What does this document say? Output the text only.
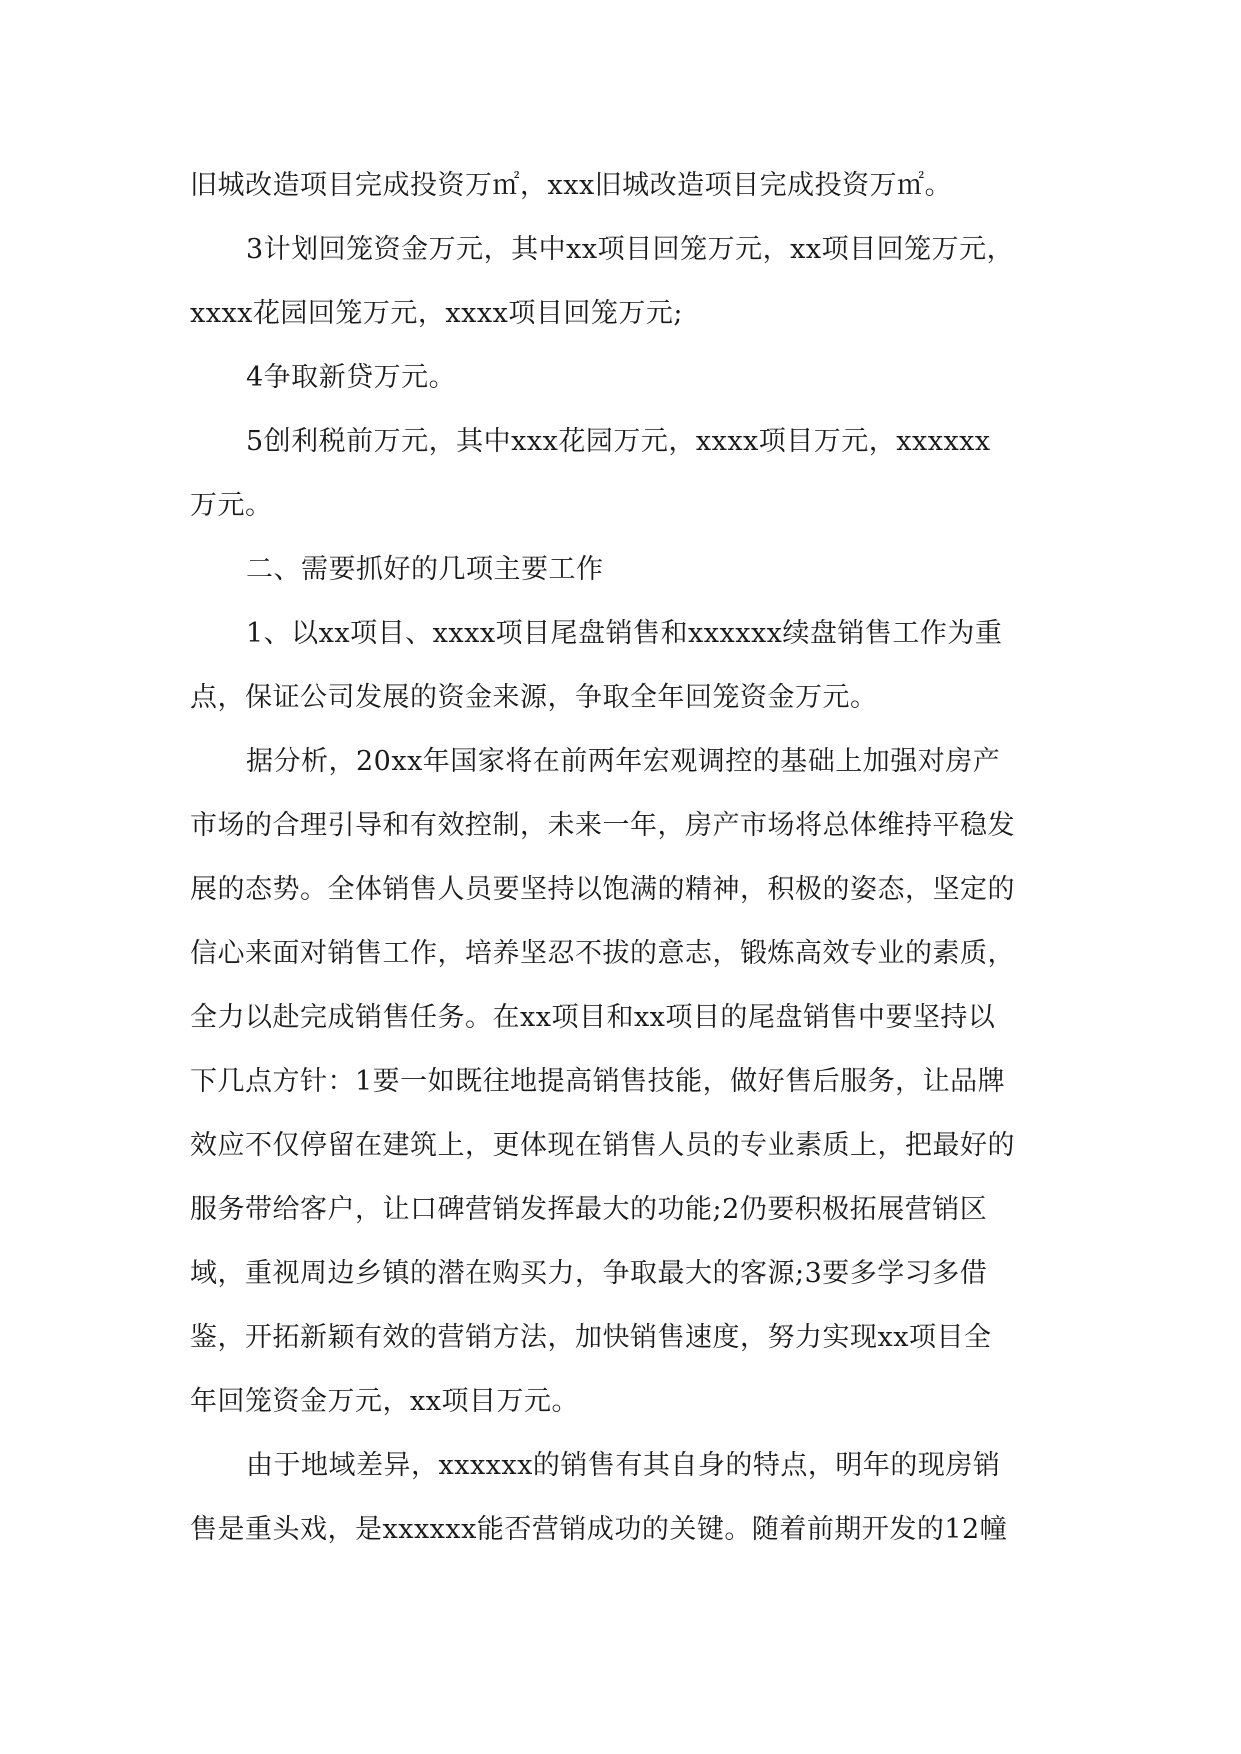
旧城改造项目完成投资万㎡，xxx旧城改造项目完成投资万㎡。
3计划回笼资金万元，其中xx项目回笼万元，xx项目回笼万元，
xxxx花园回笼万元，xxxx项目回笼万元;
4争取新贷万元。
5创利税前万元，其中xxx花园万元，xxxx项目万元，xxxxxx
万元。
二、需要抓好的几项主要工作
1、以xx项目、xxxx项目尾盘销售和xxxxxx续盘销售工作为重
点，保证公司发展的资金来源，争取全年回笼资金万元。
据分析，20xx年国家将在前两年宏观调控的基础上加强对房产
市场的合理引导和有效控制，未来一年，房产市场将总体维持平稳发
展的态势。全体销售人员要坚持以饱满的精神，积极的姿态，坚定的
信心来面对销售工作，培养坚忍不拔的意志，锻炼高效专业的素质，
全力以赴完成销售任务。在xx项目和xx项目的尾盘销售中要坚持以
下几点方针：1要一如既往地提高销售技能，做好售后服务，让品牌
效应不仅停留在建筑上，更体现在销售人员的专业素质上，把最好的
服务带给客户，让口碑营销发挥最大的功能;2仍要积极拓展营销区
域，重视周边乡镇的潜在购买力，争取最大的客源;3要多学习多借
鉴，开拓新颖有效的营销方法，加快销售速度，努力实现xx项目全
年回笼资金万元，xx项目万元。
由于地域差异，xxxxxx的销售有其自身的特点，明年的现房销
售是重头戏，是xxxxxx能否营销成功的关键。随着前期开发的12幢
